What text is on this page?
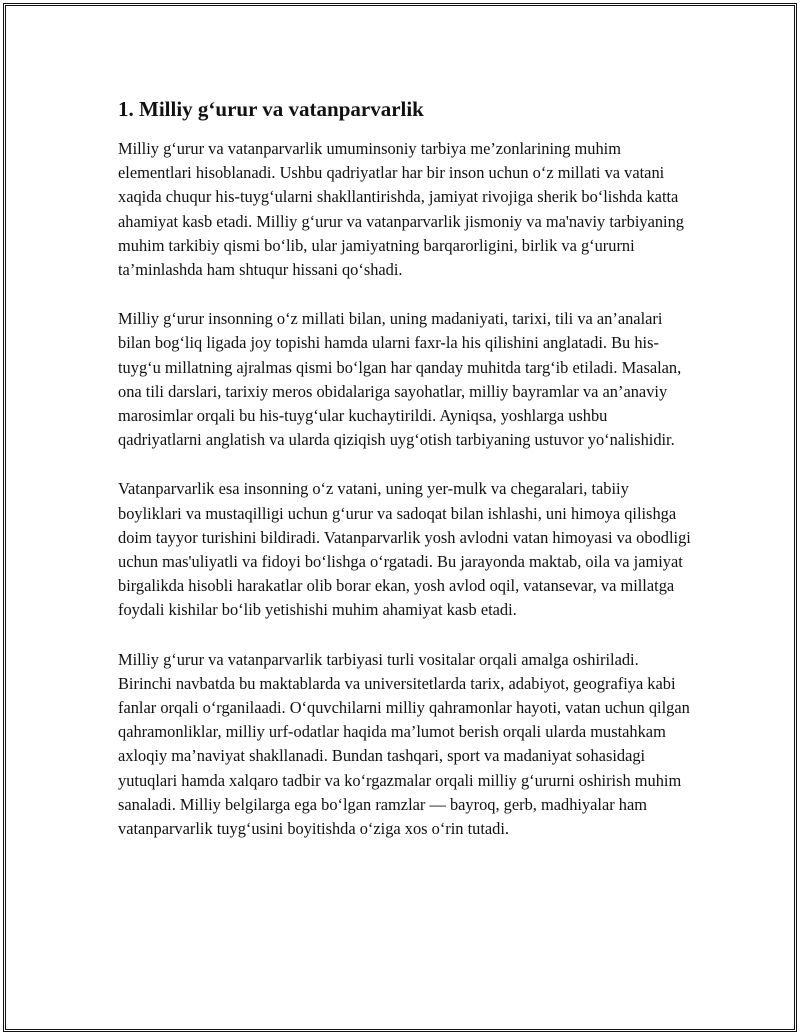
1. Milliy g‘urur va vatanparvarlik

Milliy g‘urur va vatanparvarlik umuminsoniy tarbiya me’zonlarining muhim elementlari hisoblanadi. Ushbu qadriyatlar har bir inson uchun o‘z millati va vatani xaqida chuqur his-tuyg‘ularni shakllantirishda, jamiyat rivojiga sherik bo‘lishda katta ahamiyat kasb etadi. Milliy g‘urur va vatanparvarlik jismoniy va ma'naviy tarbiyaning muhim tarkibiy qismi bo‘lib, ular jamiyatning barqarorligini, birlik va g‘ururni ta’minlashda ham shtuqur hissani qo‘shadi.

Milliy g‘urur insonning o‘z millati bilan, uning madaniyati, tarixi, tili va an’analari bilan bog‘liq ligada joy topishi hamda ularni faxr-la his qilishini anglatadi. Bu his-tuyg‘u millatning ajralmas qismi bo‘lgan har qanday muhitda targ‘ib etiladi. Masalan, ona tili darslari, tarixiy meros obidalariga sayohatlar, milliy bayramlar va an’anaviy marosimlar orqali bu his-tuyg‘ular kuchaytirildi. Ayniqsa, yoshlarga ushbu qadriyatlarni anglatish va ularda qiziqish uyg‘otish tarbiyaning ustuvor yo‘nalishidir.

Vatanparvarlik esa insonning o‘z vatani, uning yer-mulk va chegaralari, tabiiy boyliklari va mustaqilligi uchun g‘urur va sadoqat bilan ishlashi, uni himoya qilishga doim tayyor turishini bildiradi. Vatanparvarlik yosh avlodni vatan himoyasi va obodligi uchun mas'uliyatli va fidoyi bo‘lishga o‘rgatadi. Bu jarayonda maktab, oila va jamiyat birgalikda hisobli harakatlar olib borar ekan, yosh avlod oqil, vatansevar, va millatga foydali kishilar bo‘lib yetishishi muhim ahamiyat kasb etadi.

Milliy g‘urur va vatanparvarlik tarbiyasi turli vositalar orqali amalga oshiriladi. Birinchi navbatda bu maktablarda va universitetlarda tarix, adabiyot, geografiya kabi fanlar orqali o‘rganilaadi. O‘quvchilarni milliy qahramonlar hayoti, vatan uchun qilgan qahramonliklar, milliy urf-odatlar haqida ma’lumot berish orqali ularda mustahkam axloqiy ma’naviyat shakllanadi. Bundan tashqari, sport va madaniyat sohasidagi yutuqlari hamda xalqaro tadbir va ko‘rgazmalar orqali milliy g‘ururni oshirish muhim sanaladi. Milliy belgilarga ega bo‘lgan ramzlar — bayroq, gerb, madhiyalar ham vatanparvarlik tuyg‘usini boyitishda o‘ziga xos o‘rin tutadi.
